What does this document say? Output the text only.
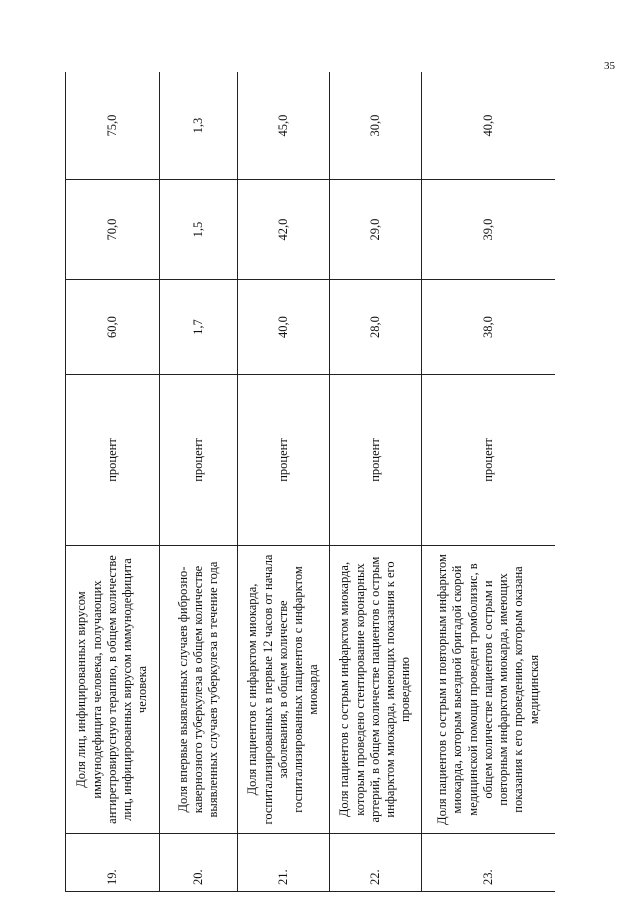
35
19.	Доля лиц, инфицированных вирусом иммунодефицита человека, получающих антиретровирусную терапию, в общем количестве лиц, инфицированных вирусом иммунодефицита человека	процент	60,0	70,0	75,0
20.	Доля впервые выявленных случаев фиброзно-кавернозного туберкулеза в общем количестве выявленных случаев туберкулеза в течение года	процент	1,7	1,5	1,3
21.	Доля пациентов с инфарктом миокарда, госпитализированных в первые 12 часов от начала заболевания, в общем количестве госпитализированных пациентов с инфарктом миокарда	процент	40,0	42,0	45,0
22.	Доля пациентов с острым инфарктом миокарда, которым проведено стентирование коронарных артерий, в общем количестве пациентов с острым инфарктом миокарда, имеющих показания к его проведению	процент	28,0	29,0	30,0
23.	Доля пациентов с острым и повторным инфарктом миокарда, которым выездной бригадой скорой медицинской помощи проведен тромболизис, в общем количестве пациентов с острым и повторным инфарктом миокарда, имеющих показания к его проведению, которым оказана медицинская	процент	38,0	39,0	40,0
